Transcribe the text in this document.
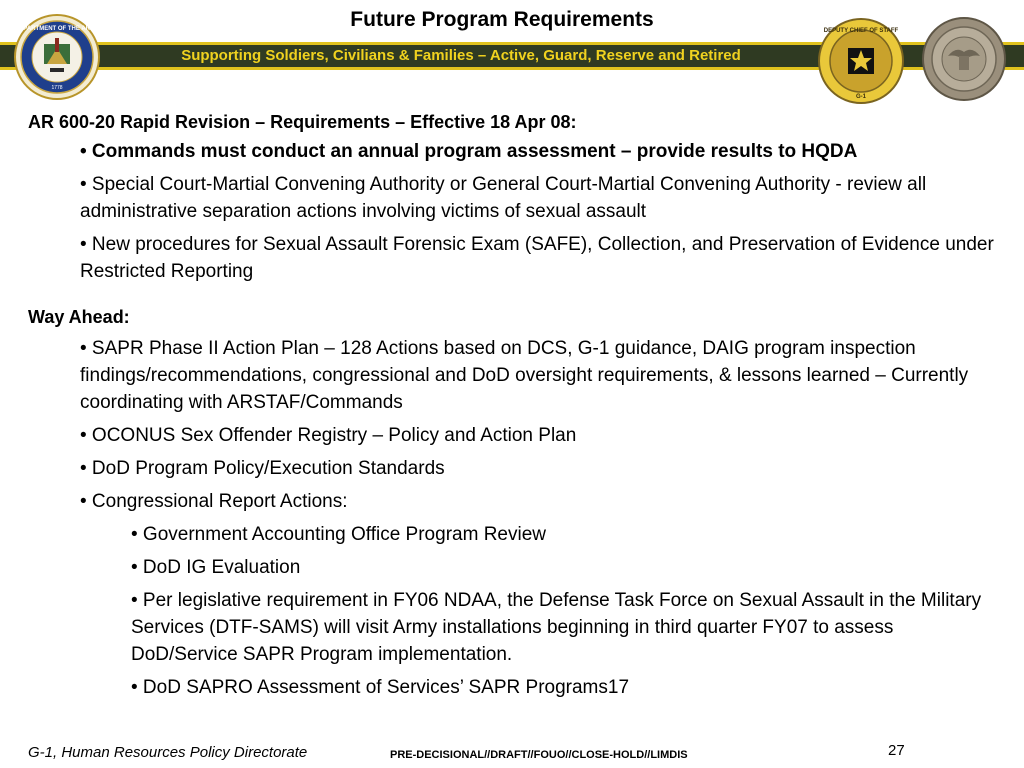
Future Program Requirements
Supporting Soldiers, Civilians & Families – Active, Guard, Reserve and Retired
DEPARTMENT OF THE ARMY
1778
DEPUTY CHIEF OF STAFF
G-1

AR 600-20 Rapid Revision – Requirements – Effective 18 Apr 08:

• Commands must conduct an annual program assessment – provide results to HQDA

• Special Court-Martial Convening Authority or General Court-Martial Convening Authority - review all administrative separation actions involving victims of sexual assault

• New procedures for Sexual Assault Forensic Exam (SAFE), Collection, and Preservation of Evidence under Restricted Reporting

Way Ahead:

• SAPR Phase II Action Plan – 128 Actions based on DCS, G-1 guidance, DAIG program inspection findings/recommendations, congressional and DoD oversight requirements, & lessons learned – Currently coordinating with ARSTAF/Commands

• OCONUS Sex Offender Registry – Policy and Action Plan

• DoD Program Policy/Execution Standards

• Congressional Report Actions:

• Government Accounting Office Program Review

• DoD IG Evaluation

• Per legislative requirement in FY06 NDAA, the Defense Task Force on Sexual Assault in the Military Services (DTF-SAMS) will visit Army installations beginning in third quarter FY07 to assess DoD/Service SAPR Program implementation.

• DoD SAPRO Assessment of Services’ SAPR Programs17

G-1, Human Resources Policy Directorate	PRE-DECISIONAL//DRAFT//FOUO//CLOSE-HOLD//LIMDIS	27
